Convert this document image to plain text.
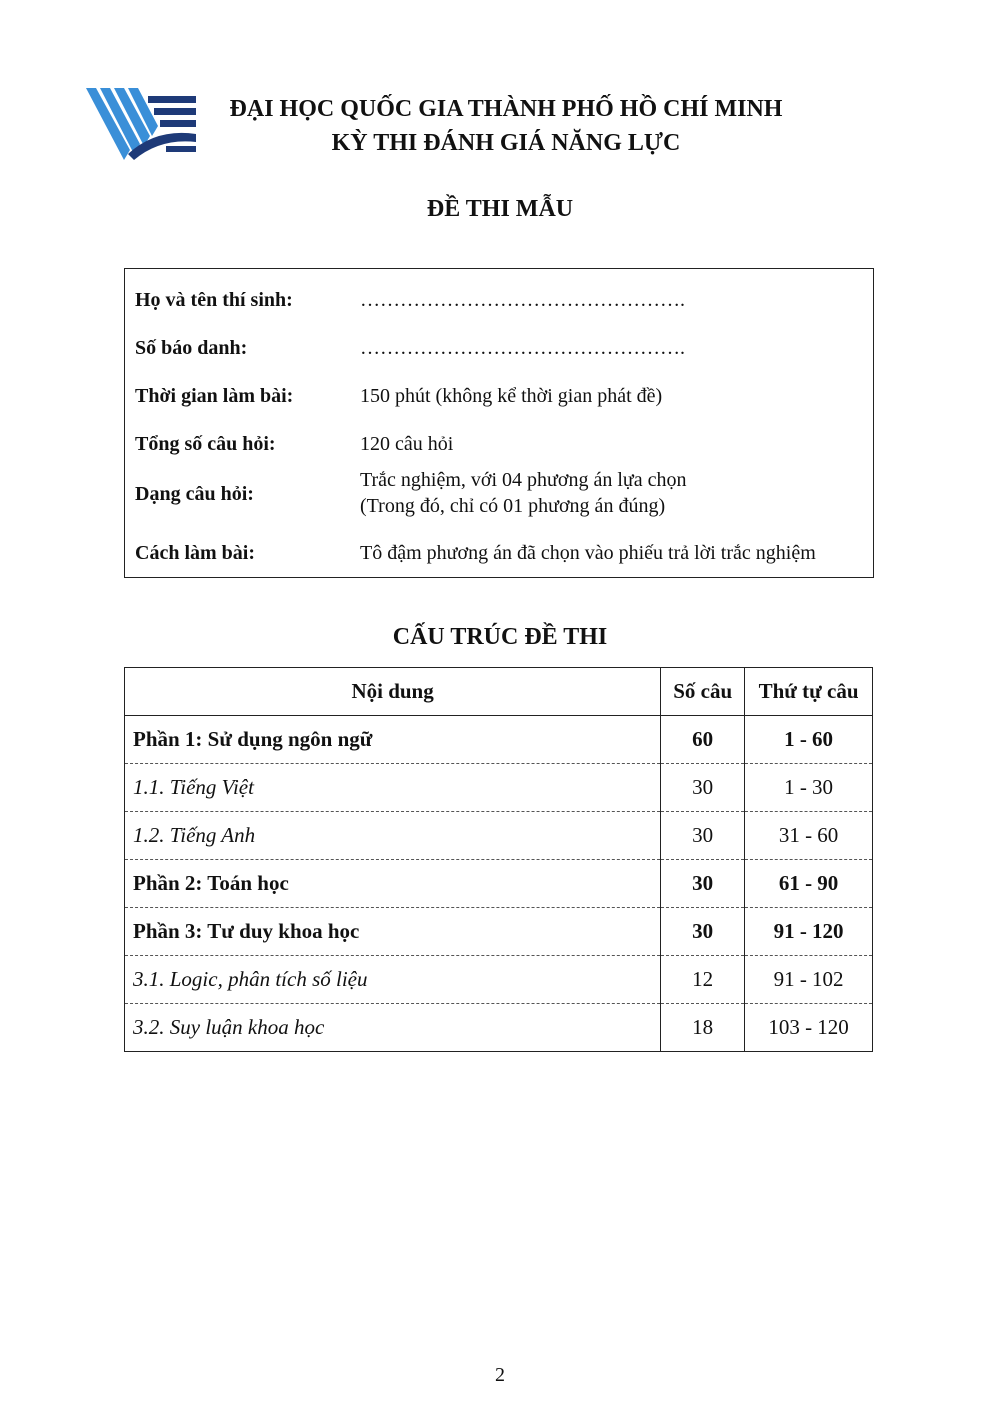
ĐẠI HỌC QUỐC GIA THÀNH PHỐ HỒ CHÍ MINH
KỲ THI ĐÁNH GIÁ NĂNG LỰC
ĐỀ THI MẪU
Họ và tên thí sinh:	………………………………………….
Số báo danh:	………………………………………….
Thời gian làm bài:	150 phút (không kể thời gian phát đề)
Tổng số câu hỏi:	120 câu hỏi
Dạng câu hỏi:
Trắc nghiệm, với 04 phương án lựa chọn
(Trong đó, chỉ có 01 phương án đúng)
Cách làm bài:	Tô đậm phương án đã chọn vào phiếu trả lời trắc nghiệm
CẤU TRÚC ĐỀ THI
Nội dung	Số câu	Thứ tự câu
Phần 1: Sử dụng ngôn ngữ	60	1 - 60
1.1. Tiếng Việt	30	1 - 30
1.2. Tiếng Anh	30	31 - 60
Phần 2: Toán học	30	61 - 90
Phần 3: Tư duy khoa học	30	91 - 120
3.1. Logic, phân tích số liệu	12	91 - 102
3.2. Suy luận khoa học	18	103 - 120
2
